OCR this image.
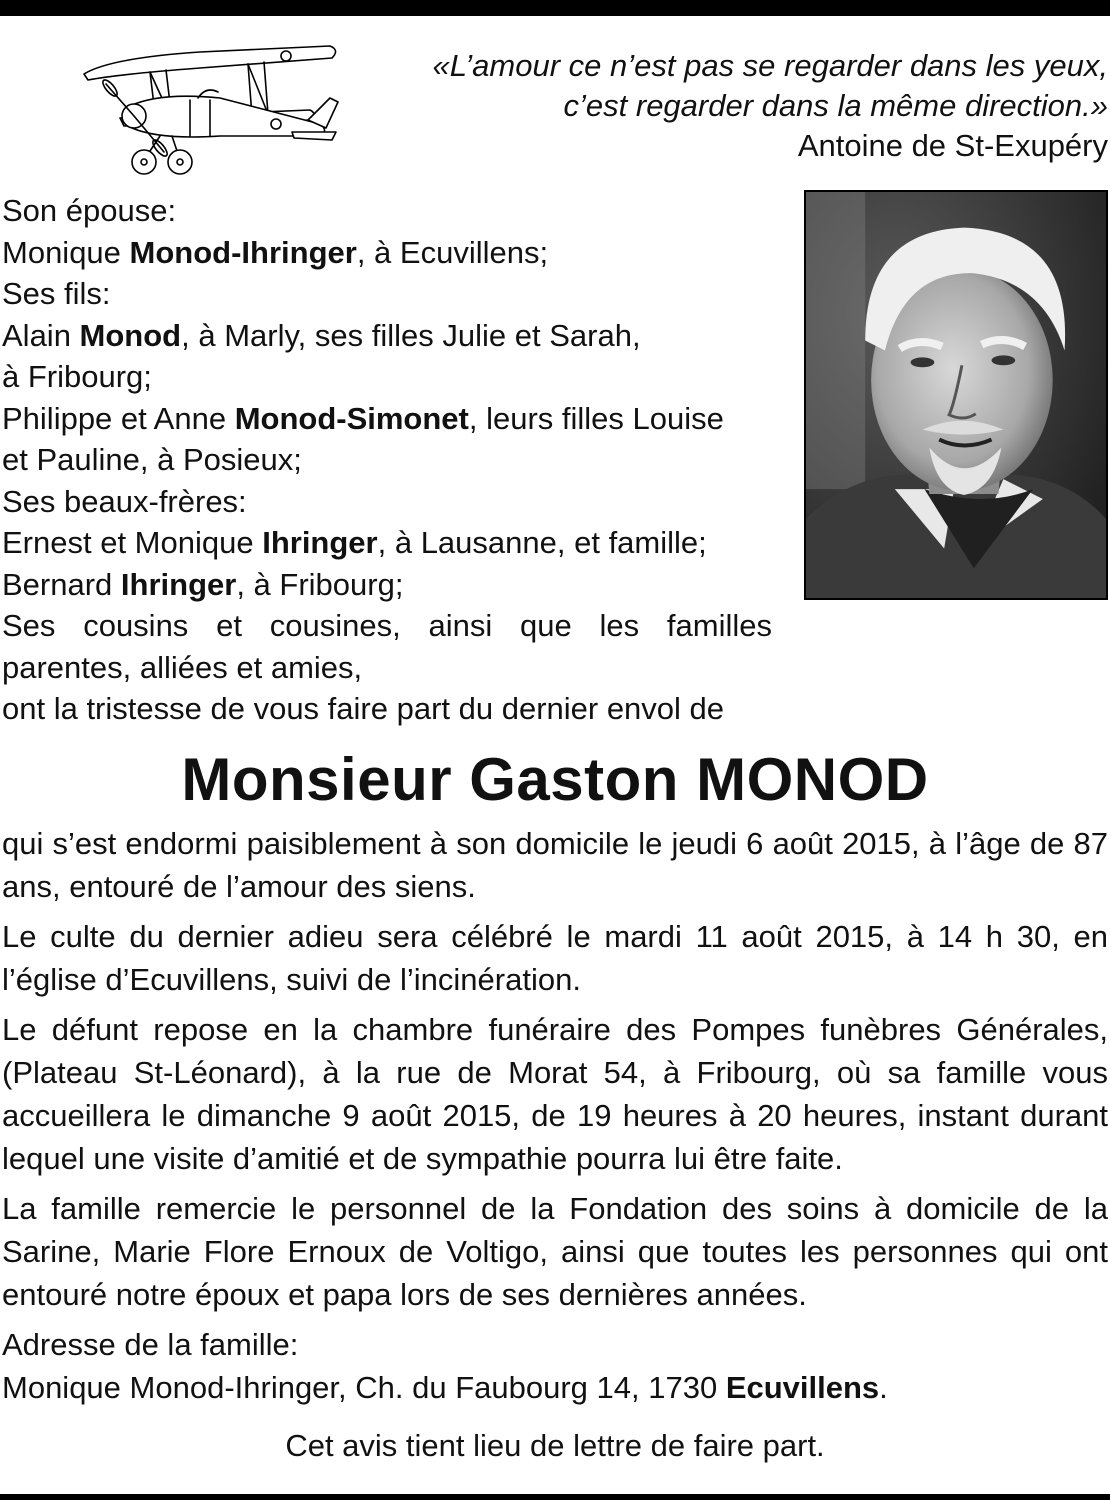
«L’amour ce n’est pas se regarder dans les yeux,
c’est regarder dans la même direction.»
Antoine de St-Exupéry
Son épouse:
Monique Monod-Ihringer, à Ecuvillens;
Ses fils:
Alain Monod, à Marly, ses filles Julie et Sarah,
à Fribourg;
Philippe et Anne Monod-Simonet, leurs filles Louise
et Pauline, à Posieux;
Ses beaux-frères:
Ernest et Monique Ihringer, à Lausanne, et famille;
Bernard Ihringer, à Fribourg;
Ses cousins et cousines, ainsi que les familles
parentes, alliées et amies,
ont la tristesse de vous faire part du dernier envol de
Monsieur Gaston MONOD

qui s’est endormi paisiblement à son domicile le jeudi 6 août 2015, à l’âge de 87 ans, entouré de l’amour des siens.

Le culte du dernier adieu sera célébré le mardi 11 août 2015, à 14 h 30, en l’église d’Ecuvillens, suivi de l’incinération.

Le défunt repose en la chambre funéraire des Pompes funèbres Générales, (Plateau St-Léonard), à la rue de Morat 54, à Fribourg, où sa famille vous accueillera le dimanche 9 août 2015, de 19 heures à 20 heures, instant durant lequel une visite d’amitié et de sympathie pourra lui être faite.

La famille remercie le personnel de la Fondation des soins à domicile de la Sarine, Marie Flore Ernoux de Voltigo, ainsi que toutes les personnes qui ont entouré notre époux et papa lors de ses dernières années.

Adresse de la famille:
Monique Monod-Ihringer, Ch. du Faubourg 14, 1730 Ecuvillens.
Cet avis tient lieu de lettre de faire part.
